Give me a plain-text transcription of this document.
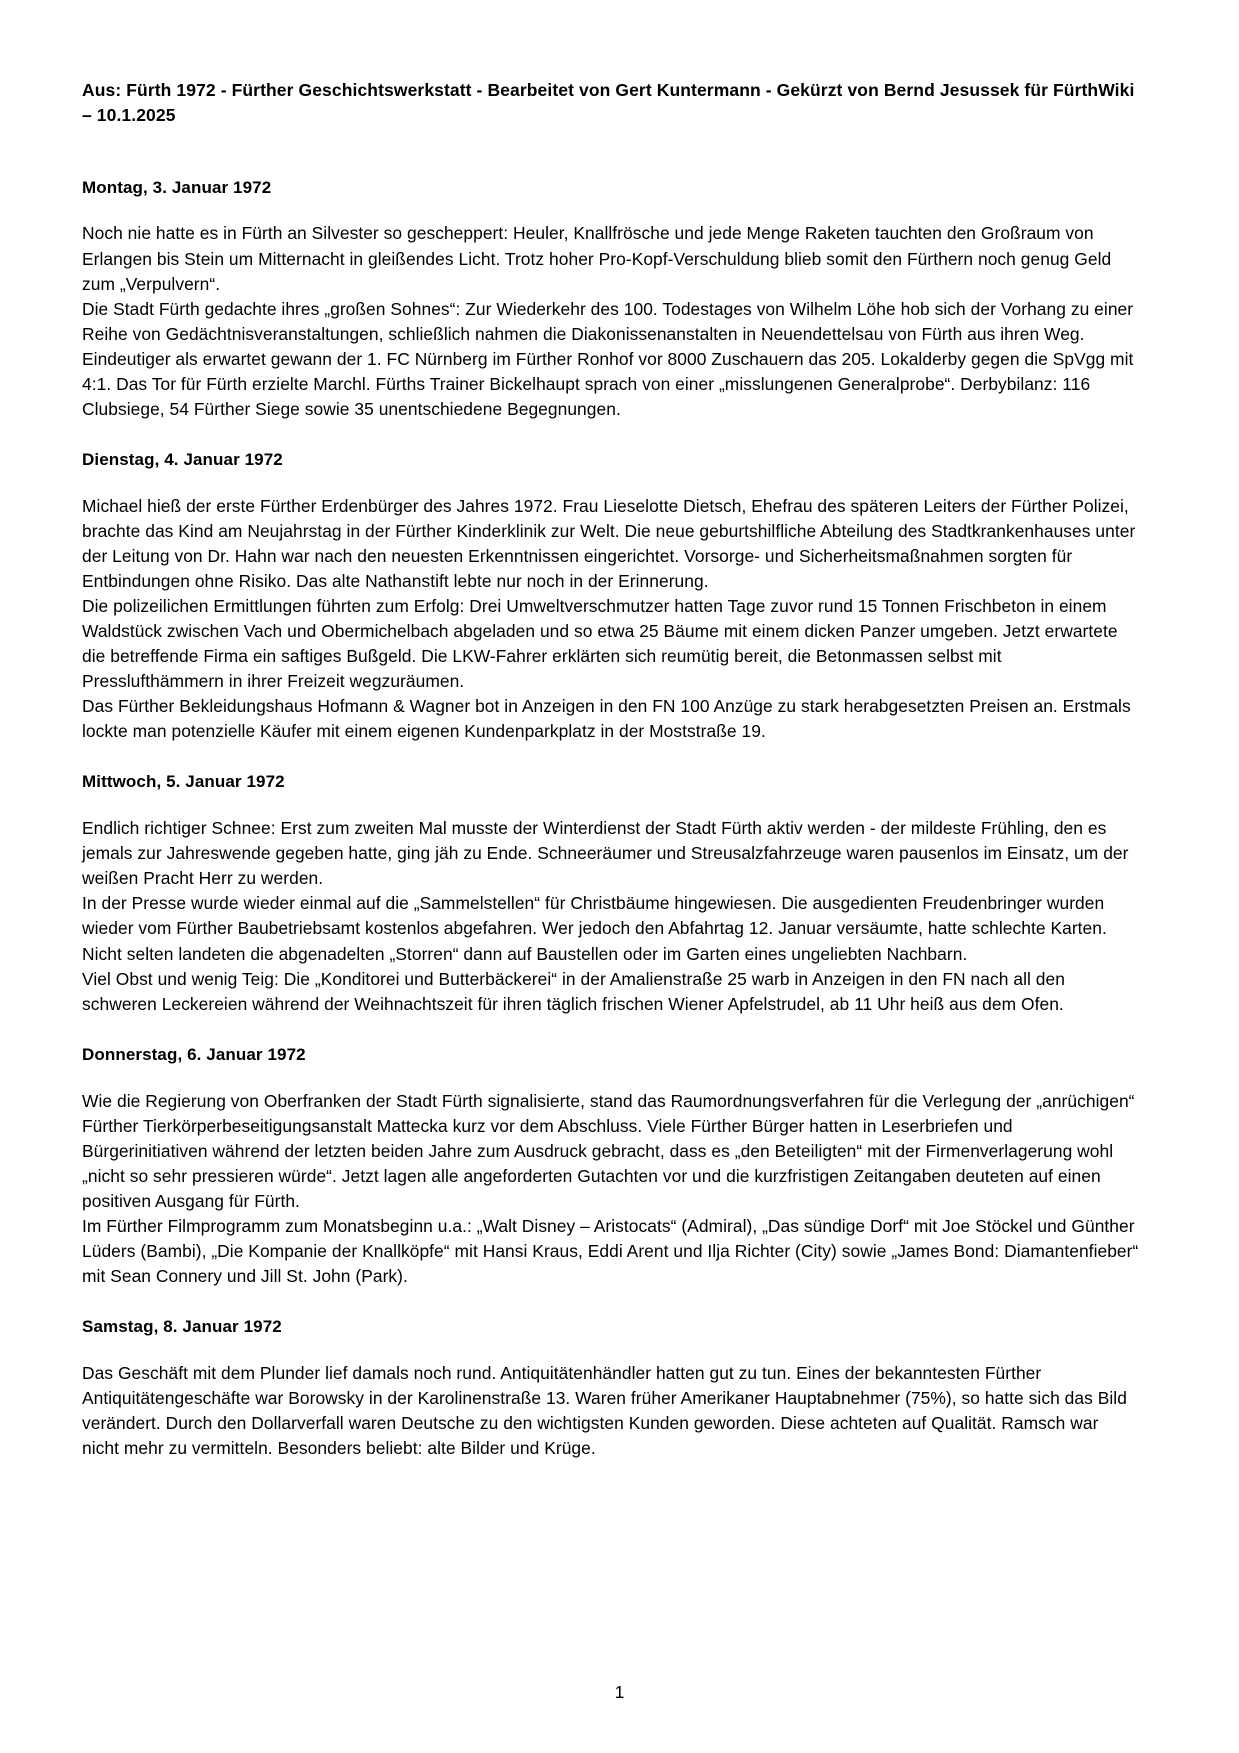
Aus: Fürth 1972 - Fürther Geschichtswerkstatt - Bearbeitet von Gert Kuntermann - Gekürzt von Bernd Jesussek für FürthWiki – 10.1.2025
Montag, 3. Januar 1972

Noch nie hatte es in Fürth an Silvester so gescheppert: Heuler, Knallfrösche und jede Menge Raketen tauchten den Großraum von Erlangen bis Stein um Mitternacht in gleißendes Licht. Trotz hoher Pro-Kopf-Verschuldung blieb somit den Fürthern noch genug Geld zum „Verpulvern“.
Die Stadt Fürth gedachte ihres „großen Sohnes“: Zur Wiederkehr des 100. Todestages von Wilhelm Löhe hob sich der Vorhang zu einer Reihe von Gedächtnisveranstaltungen, schließlich nahmen die Diakonissenanstalten in Neuendettelsau von Fürth aus ihren Weg.
Eindeutiger als erwartet gewann der 1. FC Nürnberg im Fürther Ronhof vor 8000 Zuschauern das 205. Lokalderby gegen die SpVgg mit 4:1. Das Tor für Fürth erzielte Marchl. Fürths Trainer Bickelhaupt sprach von einer „misslungenen Generalprobe“. Derbybilanz: 116 Clubsiege, 54 Fürther Siege sowie 35 unentschiedene Begegnungen.

Dienstag, 4. Januar 1972

Michael hieß der erste Fürther Erdenbürger des Jahres 1972. Frau Lieselotte Dietsch, Ehefrau des späteren Leiters der Fürther Polizei, brachte das Kind am Neujahrstag in der Fürther Kinderklinik zur Welt. Die neue geburtshilfliche Abteilung des Stadtkrankenhauses unter der Leitung von Dr. Hahn war nach den neuesten Erkenntnissen eingerichtet. Vorsorge- und Sicherheitsmaßnahmen sorgten für Entbindungen ohne Risiko. Das alte Nathanstift lebte nur noch in der Erinnerung.
Die polizeilichen Ermittlungen führten zum Erfolg: Drei Umweltverschmutzer hatten Tage zuvor rund 15 Tonnen Frischbeton in einem Waldstück zwischen Vach und Obermichelbach abgeladen und so etwa 25 Bäume mit einem dicken Panzer umgeben. Jetzt erwartete die betreffende Firma ein saftiges Bußgeld. Die LKW-Fahrer erklärten sich reumütig bereit, die Betonmassen selbst mit Presslufthämmern in ihrer Freizeit wegzuräumen.
Das Fürther Bekleidungshaus Hofmann & Wagner bot in Anzeigen in den FN 100 Anzüge zu stark herabgesetzten Preisen an. Erstmals lockte man potenzielle Käufer mit einem eigenen Kundenparkplatz in der Moststraße 19.

Mittwoch, 5. Januar 1972

Endlich richtiger Schnee: Erst zum zweiten Mal musste der Winterdienst der Stadt Fürth aktiv werden - der mildeste Frühling, den es jemals zur Jahreswende gegeben hatte, ging jäh zu Ende. Schneeräumer und Streusalzfahrzeuge waren pausenlos im Einsatz, um der weißen Pracht Herr zu werden.
In der Presse wurde wieder einmal auf die „Sammelstellen“ für Christbäume hingewiesen. Die ausgedienten Freudenbringer wurden wieder vom Fürther Baubetriebsamt kostenlos abgefahren. Wer jedoch den Abfahrtag 12. Januar versäumte, hatte schlechte Karten. Nicht selten landeten die abgenadelten „Storren“ dann auf Baustellen oder im Garten eines ungeliebten Nachbarn.
Viel Obst und wenig Teig: Die „Konditorei und Butterbäckerei“ in der Amalienstraße 25 warb in Anzeigen in den FN nach all den schweren Leckereien während der Weihnachtszeit für ihren täglich frischen Wiener Apfelstrudel, ab 11 Uhr heiß aus dem Ofen.

Donnerstag, 6. Januar 1972

Wie die Regierung von Oberfranken der Stadt Fürth signalisierte, stand das Raumordnungsverfahren für die Verlegung der „anrüchigen“ Fürther Tierkörperbeseitigungsanstalt Mattecka kurz vor dem Abschluss. Viele Fürther Bürger hatten in Leserbriefen und Bürgerinitiativen während der letzten beiden Jahre zum Ausdruck gebracht, dass es „den Beteiligten“ mit der Firmenverlagerung wohl „nicht so sehr pressieren würde“. Jetzt lagen alle angeforderten Gutachten vor und die kurzfristigen Zeitangaben deuteten auf einen positiven Ausgang für Fürth.
Im Fürther Filmprogramm zum Monatsbeginn u.a.: „Walt Disney – Aristocats“ (Admiral), „Das sündige Dorf“ mit Joe Stöckel und Günther Lüders (Bambi), „Die Kompanie der Knallköpfe“ mit Hansi Kraus, Eddi Arent und Ilja Richter (City) sowie „James Bond: Diamantenfieber“ mit Sean Connery und Jill St. John (Park).

Samstag, 8. Januar 1972

Das Geschäft mit dem Plunder lief damals noch rund. Antiquitätenhändler hatten gut zu tun. Eines der bekanntesten Fürther Antiquitätengeschäfte war Borowsky in der Karolinenstraße 13. Waren früher Amerikaner Hauptabnehmer (75%), so hatte sich das Bild verändert. Durch den Dollarverfall waren Deutsche zu den wichtigsten Kunden geworden. Diese achteten auf Qualität. Ramsch war nicht mehr zu vermitteln. Besonders beliebt: alte Bilder und Krüge.

1
